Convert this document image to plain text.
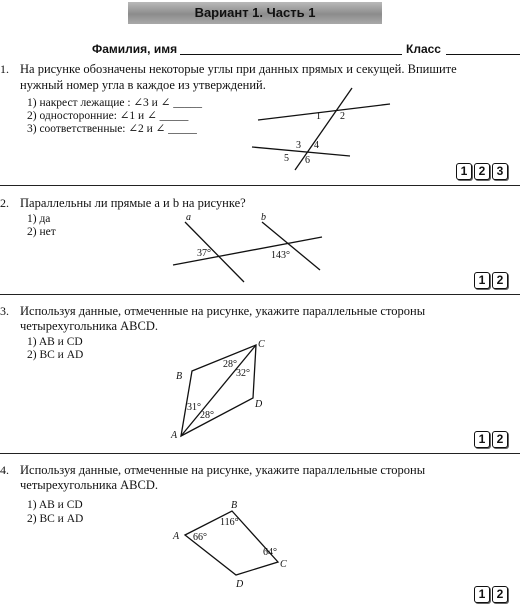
Вариант 1. Часть 1
Фамилия, имя	Класс
1. На рисунке обозначены некоторые углы при данных прямых и секущей. Впишите
нужный номер угла в каждое из утверждений.
1) накрест лежащие : ∠3 и ∠ _____
2) односторонние: ∠1 и ∠ _____
3) соответственные: ∠2 и ∠ _____
1 2
3 4
5 6
1 2 3
2. Параллельны ли прямые a и b на рисунке?
1) да
2) нет
a	b
37°	143°
1 2
3. Используя данные, отмеченные на рисунке, укажите параллельные стороны
четырехугольника ABCD.
1) AB и CD
2) BC и AD
A
B
C
D
28°
32°
31°
28°
1 2
4. Используя данные, отмеченные на рисунке, укажите параллельные стороны
четырехугольника ABCD.
1) AB и CD
2) BC и AD
A
B
C
D
66°
116°
64°
1 2
